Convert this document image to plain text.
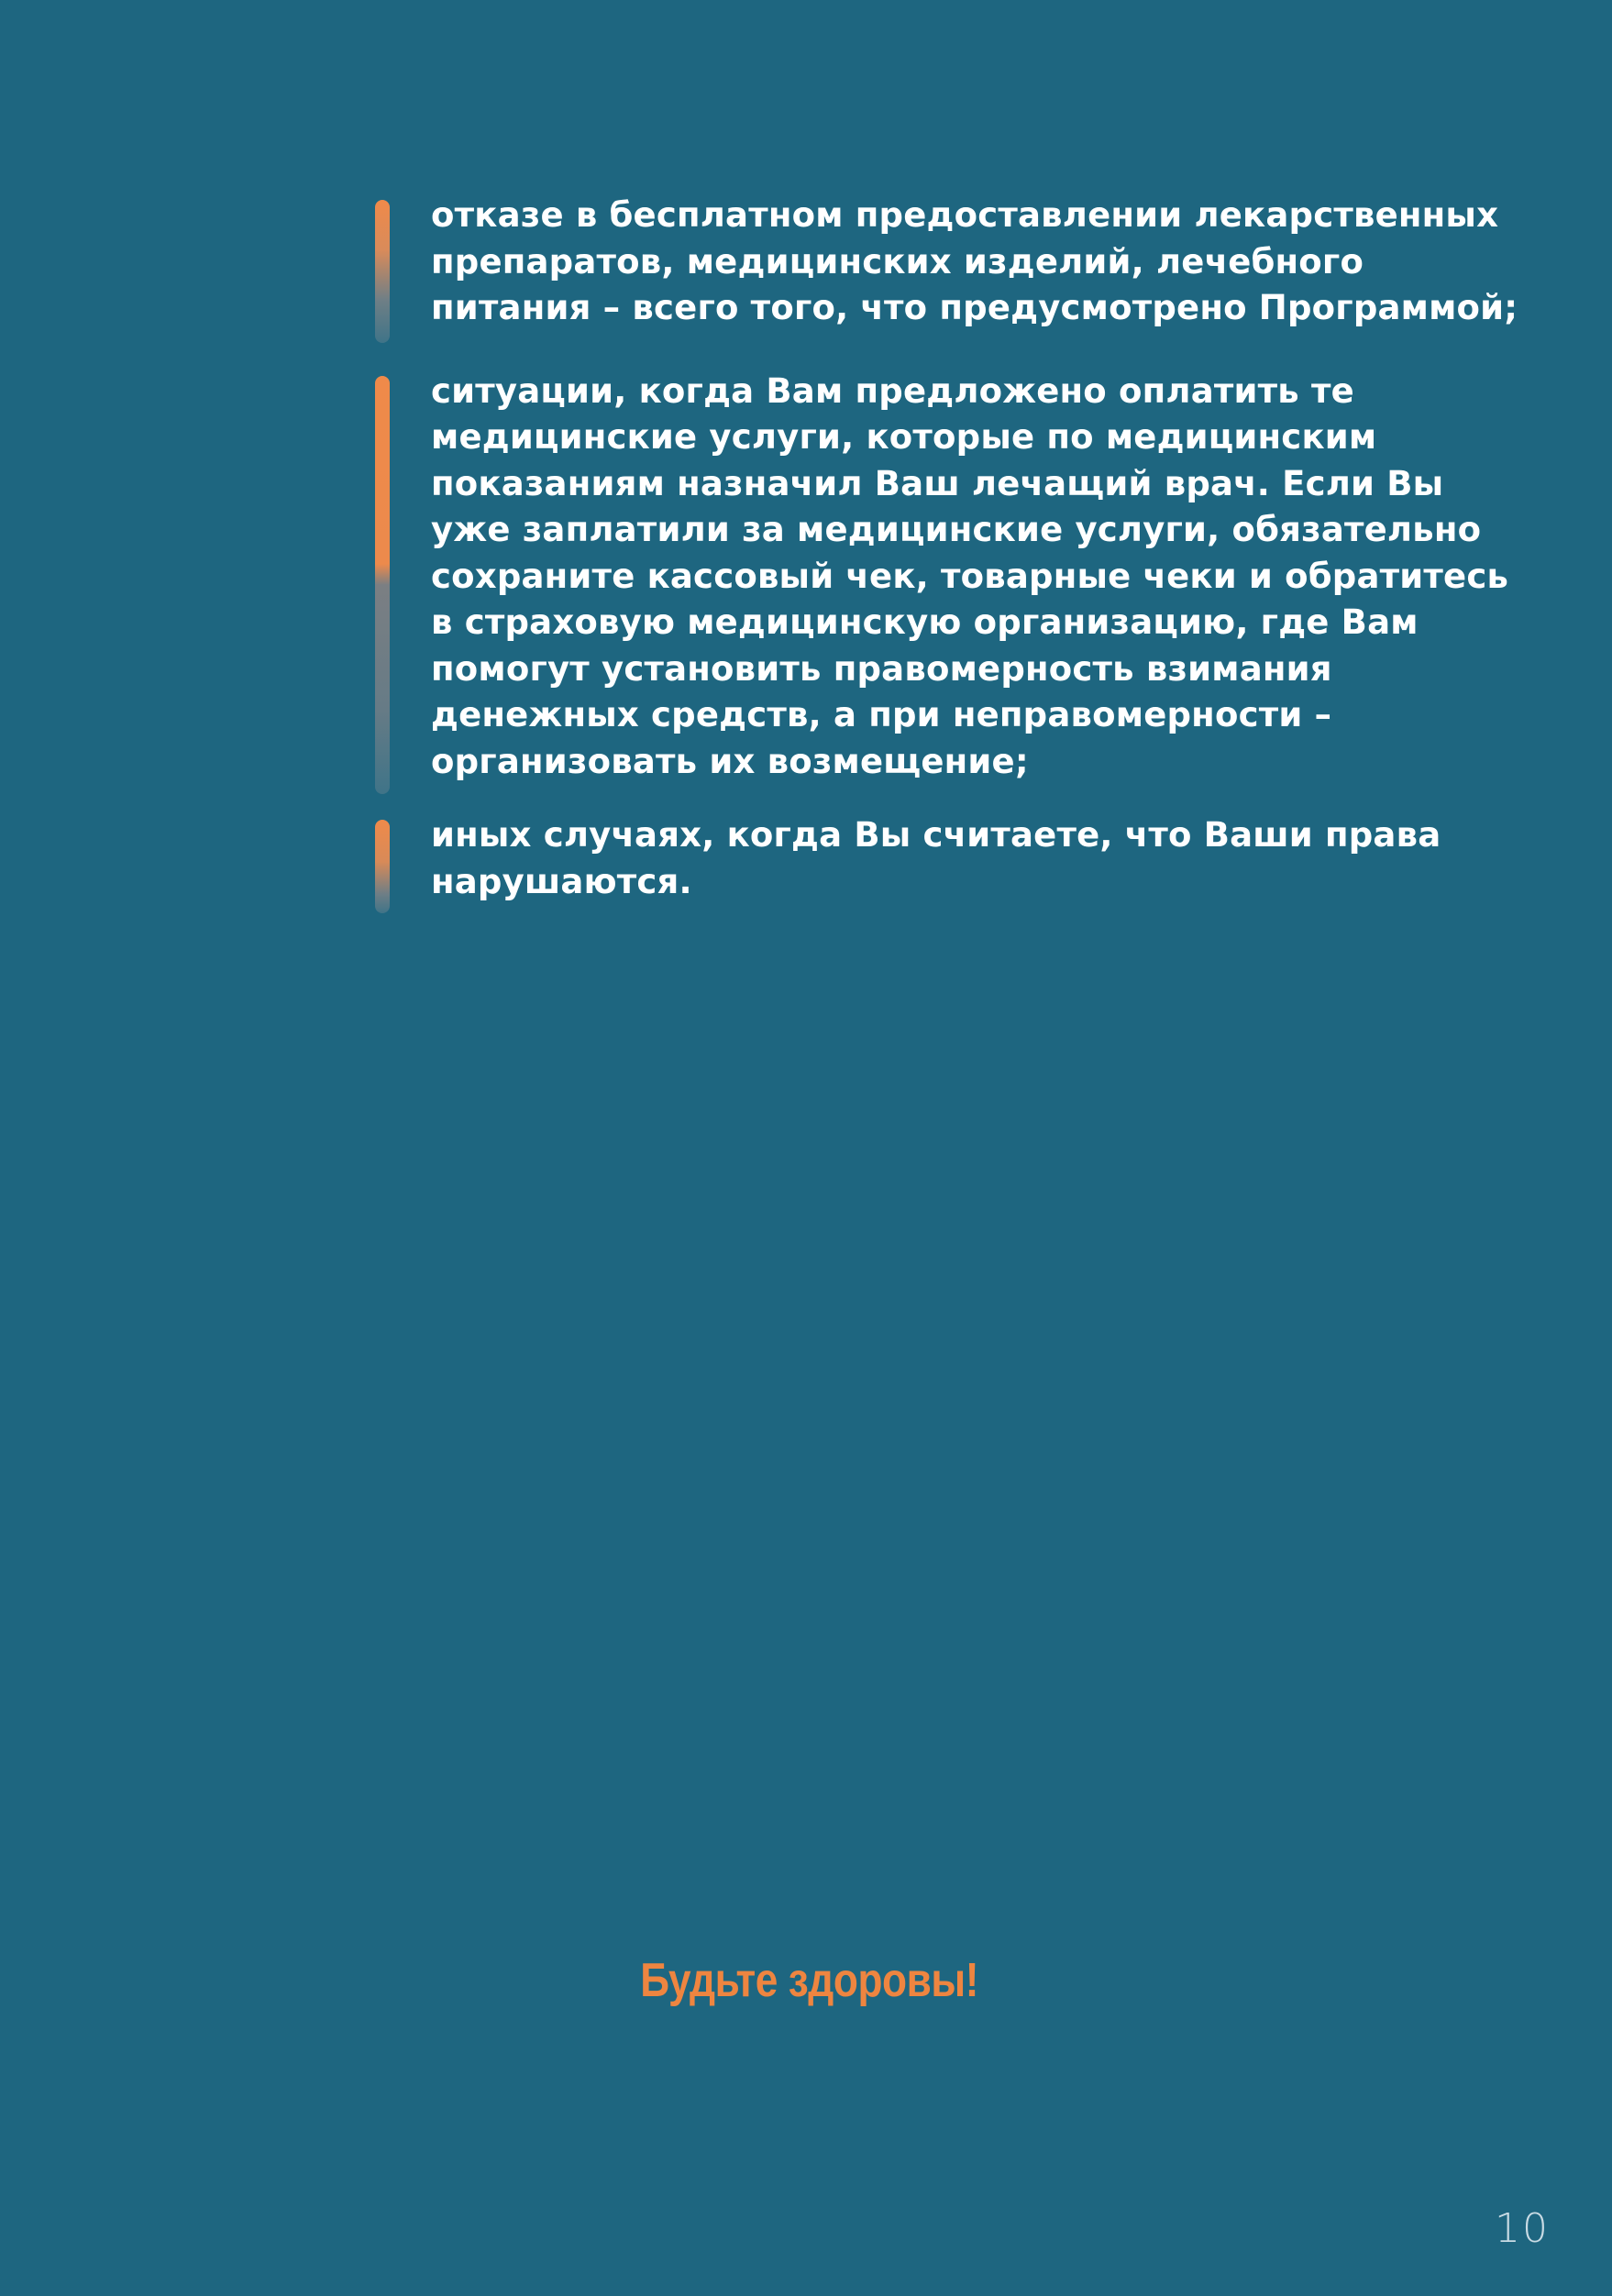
отказе в бесплатном предоставлении лекарственных
препаратов, медицинских изделий, лечебного
питания – всего того, что предусмотрено Программой;

ситуации, когда Вам предложено оплатить те
медицинские услуги, которые по медицинским
показаниям назначил Ваш лечащий врач. Если Вы
уже заплатили за медицинские услуги, обязательно
сохраните кассовый чек, товарные чеки и обратитесь
в страховую медицинскую организацию, где Вам
помогут установить правомерность взимания
денежных средств, а при неправомерности –
организовать их возмещение;

иных случаях, когда Вы считаете, что Ваши права
нарушаются.

Будьте здоровы!
10
